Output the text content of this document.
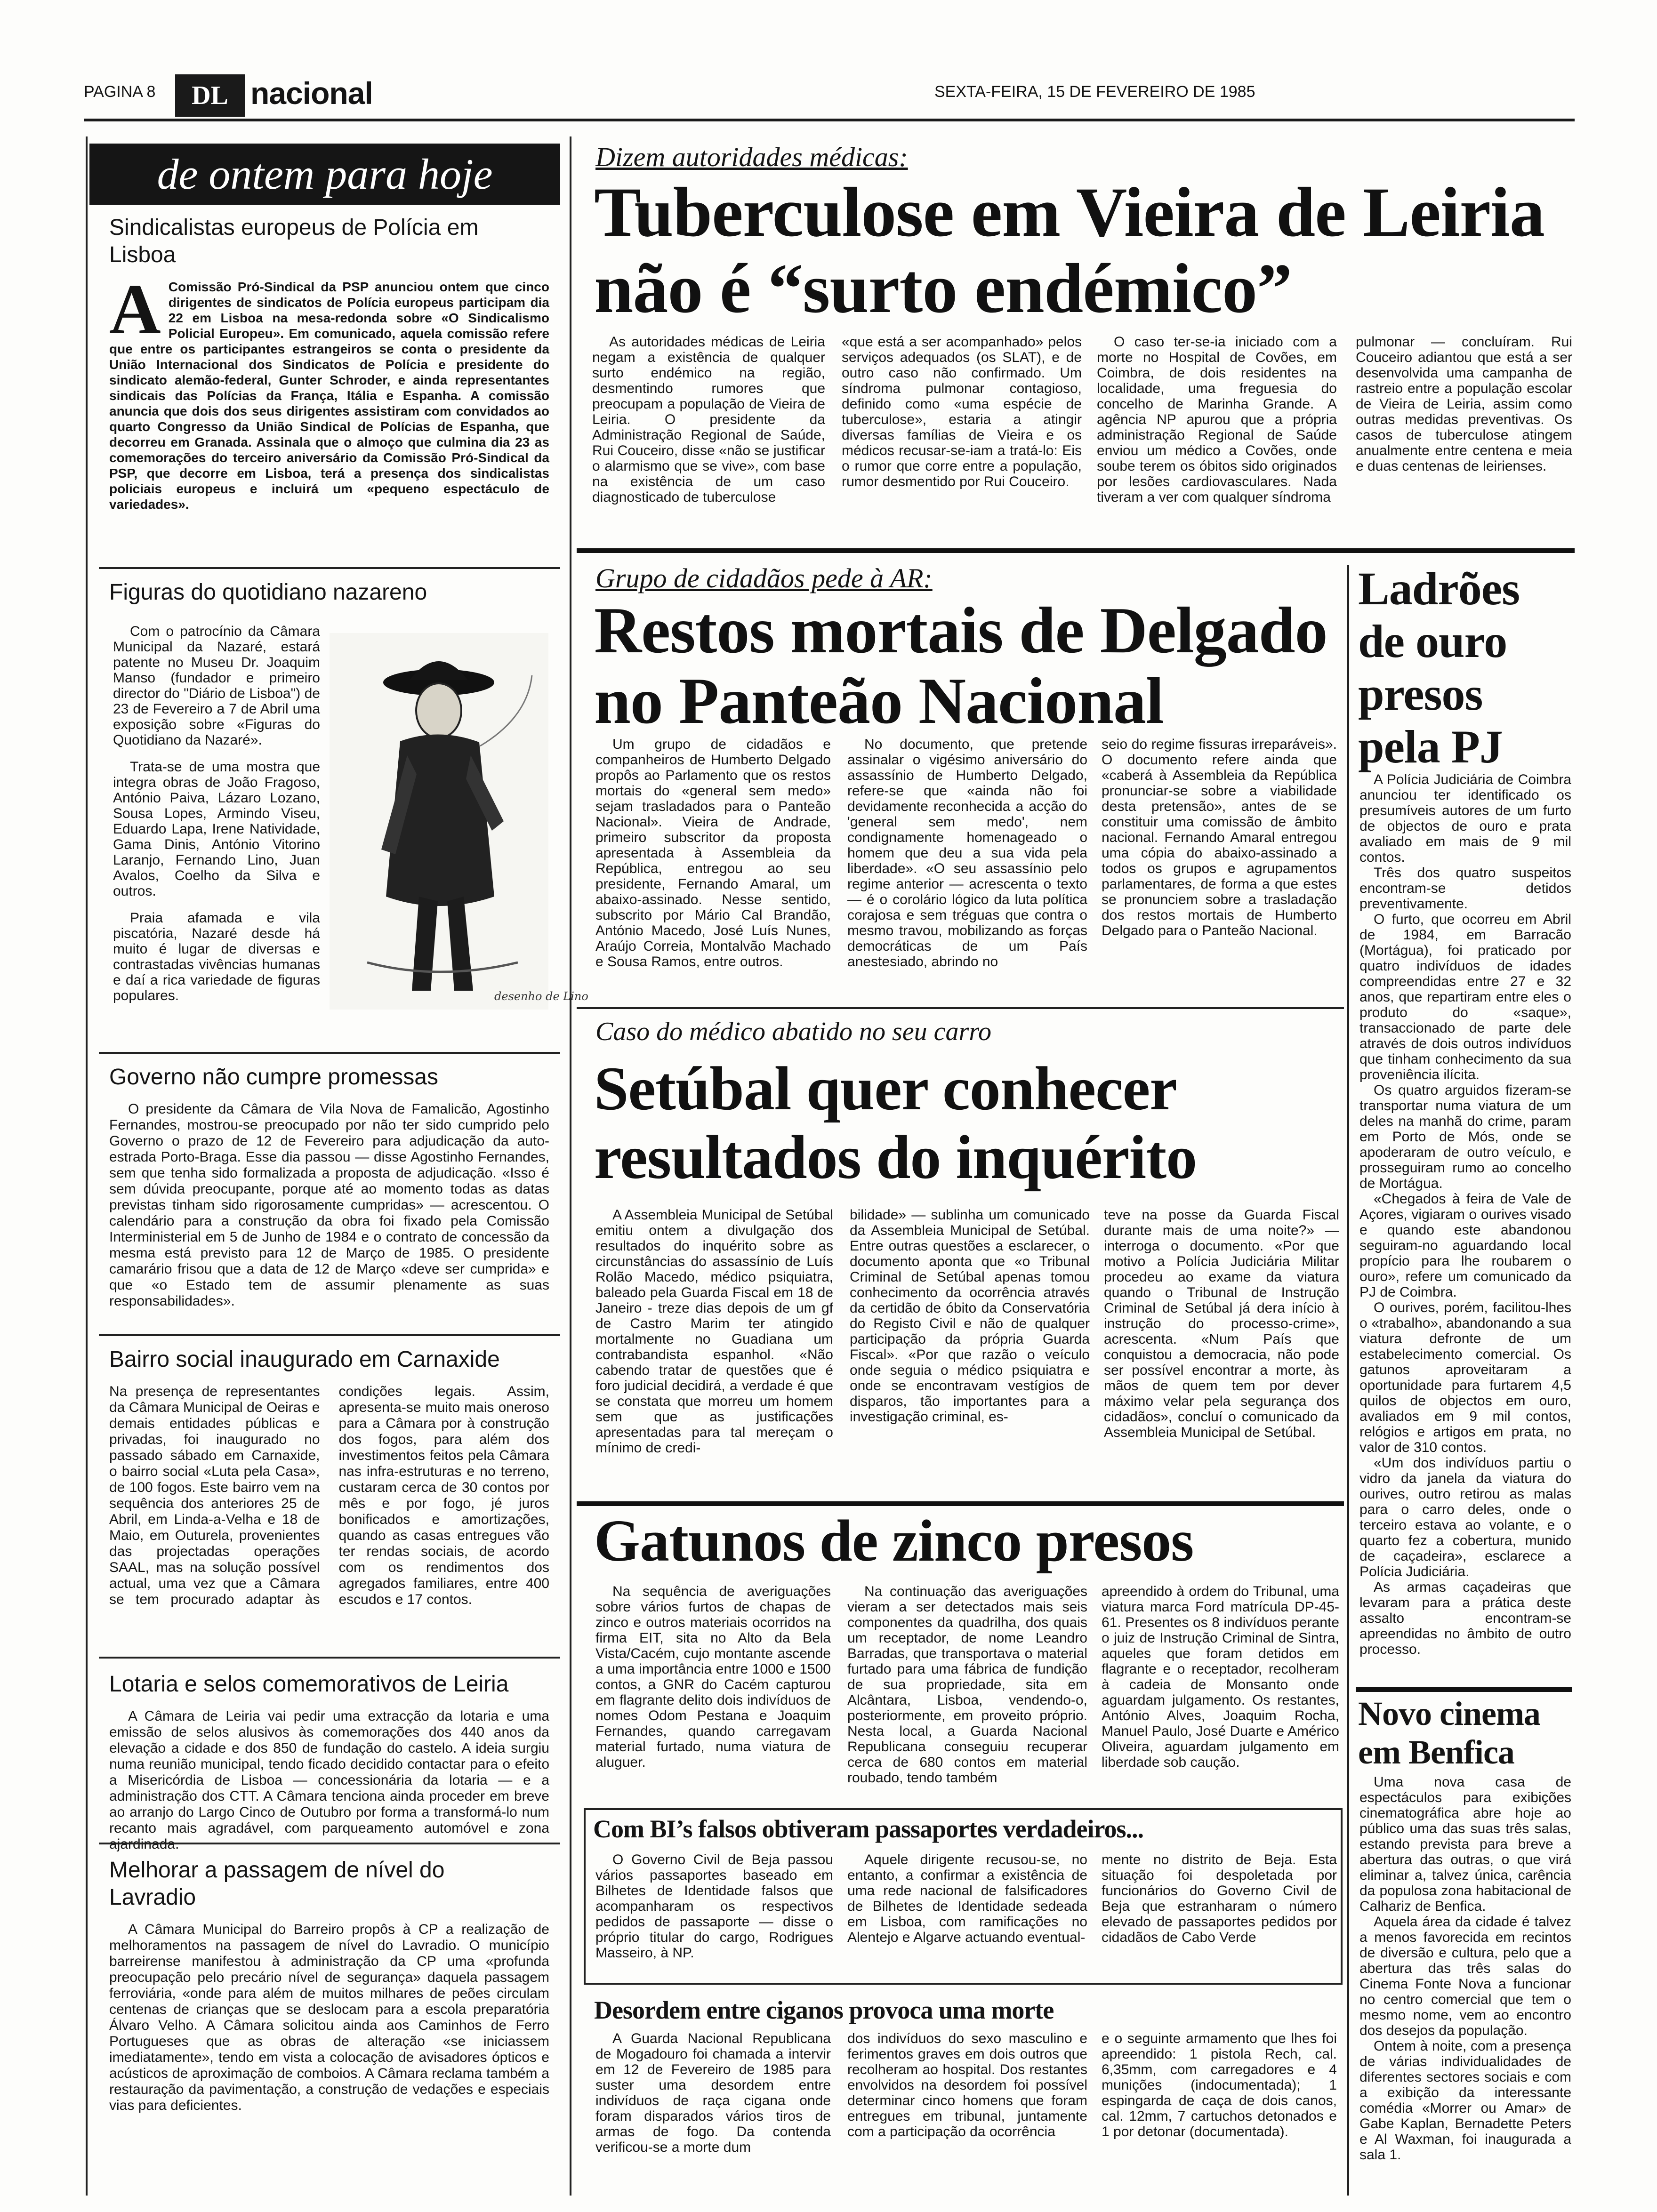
PAGINA 8	DL nacional	SEXTA-FEIRA, 15 DE FEVEREIRO DE 1985
de ontem para hoje
Sindicalistas europeus de Polícia em Lisboa

A Comissão Pró-Sindical da PSP anunciou ontem que cinco dirigentes de sindicatos de Polícia europeus participam dia 22 em Lisboa na mesa-redonda sobre «O Sindicalismo Policial Europeu». Em comunicado, aquela comissão refere que entre os participantes estrangeiros se conta o presidente da União Internacional dos Sindicatos de Polícia e presidente do sindicato alemão-federal, Gunter Schroder, e ainda representantes sindicais das Polícias da França, Itália e Espanha. A comissão anuncia que dois dos seus dirigentes assistiram com convidados ao quarto Congresso da União Sindical de Polícias de Espanha, que decorreu em Granada. Assinala que o almoço que culmina dia 23 as comemorações do terceiro aniversário da Comissão Pró-Sindical da PSP, que decorre em Lisboa, terá a presença dos sindicalistas policiais europeus e incluirá um «pequeno espectáculo de variedades».

Figuras do quotidiano nazareno

Com o patrocínio da Câmara Municipal da Nazaré, estará patente no Museu Dr. Joaquim Manso (fundador e primeiro director do "Diário de Lisboa") de 23 de Fevereiro a 7 de Abril uma exposição sobre «Figuras do Quotidiano da Nazaré».

Trata-se de uma mostra que integra obras de João Fragoso, António Paiva, Lázaro Lozano, Sousa Lopes, Armindo Viseu, Eduardo Lapa, Irene Natividade, Gama Dinis, António Vitorino Laranjo, Fernando Lino, Juan Avalos, Coelho da Silva e outros.

Praia afamada e vila piscatória, Nazaré desde há muito é lugar de diversas e contrastadas vivências humanas e daí a rica variedade de figuras populares.	desenho de Lino
Governo não cumpre promessas

O presidente da Câmara de Vila Nova de Famalicão, Agostinho Fernandes, mostrou-se preocupado por não ter sido cumprido pelo Governo o prazo de 12 de Fevereiro para adjudicação da auto-estrada Porto-Braga. Esse dia passou — disse Agostinho Fernandes, sem que tenha sido formalizada a proposta de adjudicação. «Isso é sem dúvida preocupante, porque até ao momento todas as datas previstas tinham sido rigorosamente cumpridas» — acrescentou. O calendário para a construção da obra foi fixado pela Comissão Interministerial em 5 de Junho de 1984 e o contrato de concessão da mesma está previsto para 12 de Março de 1985. O presidente camarário frisou que a data de 12 de Março «deve ser cumprida» e que «o Estado tem de assumir plenamente as suas responsabilidades».

Bairro social inaugurado em Carnaxide

Na presença de representantes da Câmara Municipal de Oeiras e demais entidades públicas e privadas, foi inaugurado no passado sábado em Carnaxide, o bairro social «Luta pela Casa», de 100 fogos. Este bairro vem na sequência dos anteriores 25 de Abril, em Linda-a-Velha e 18 de Maio, em Outurela, provenientes das projectadas operações SAAL, mas na solução possível actual, uma vez que a Câmara se tem procurado adaptar às condições legais. Assim, apresenta-se muito mais oneroso para a Câmara por à construção dos fogos, para além dos investimentos feitos pela Câmara nas infra-estruturas e no terreno, custaram cerca de 30 contos por mês e por fogo, jé juros bonificados e amortizações, quando as casas entregues vão ter rendas sociais, de acordo com os rendimentos dos agregados familiares, entre 400 escudos e 17 contos.

Lotaria e selos comemorativos de Leiria

A Câmara de Leiria vai pedir uma extracção da lotaria e uma emissão de selos alusivos às comemorações dos 440 anos da elevação a cidade e dos 850 de fundação do castelo. A ideia surgiu numa reunião municipal, tendo ficado decidido contactar para o efeito a Misericórdia de Lisboa — concessionária da lotaria — e a administração dos CTT. A Câmara tenciona ainda proceder em breve ao arranjo do Largo Cinco de Outubro por forma a transformá-lo num recanto mais agradável, com parqueamento automóvel e zona

Melhorar a passagem de nível do Lavradio

A Câmara Municipal do Barreiro propôs à CP a realização de melhoramentos na passagem de nível do Lavradio. O município barreirense manifestou à administração da CP uma «profunda preocupação pelo precário nível de segurança» daquela passagem ferroviária, «onde para além de muitos milhares de peões circulam centenas de crianças que se deslocam para a escola preparatória Álvaro Velho. A Câmara solicitou ainda aos Caminhos de Ferro Portugueses que as obras de alteração «se iniciassem imediatamente», tendo em vista a colocação de avisadores ópticos e acústicos de aproximação de comboios. A Câmara reclama também a restauração da pavimentação, a construção de vedações e especiais vias para deficientes.

Dizem autoridades médicas:
Tuberculose em Vieira de Leiria
não é “surto endémico”
As autoridades médicas de Leiria negam a existência de qualquer surto endémico na região, desmentindo rumores que preocupam a população de Vieira de Leiria. O presidente da Administração Regional de Saúde, Rui Couceiro, disse «não se justificar o alarmismo que se vive», com base na existência de um caso diagnosticado de tuberculose
«que está a ser acompanhado» pelos serviços adequados (os SLAT), e de outro caso não confirmado. Um síndroma pulmonar contagioso, definido como «uma espécie de tuberculose», estaria a atingir diversas famílias de Vieira e os médicos recusar-se-iam a tratá-lo: Eis o rumor que corre entre a população, rumor desmentido por Rui Couceiro.
O caso ter-se-ia iniciado com a morte no Hospital de Covões, em Coimbra, de dois residentes na localidade, uma freguesia do concelho de Marinha Grande. A agência NP apurou que a própria administração Regional de Saúde enviou um médico a Covões, onde soube terem os óbitos sido originados por lesões cardiovasculares. Nada tiveram a ver com qualquer síndroma
pulmonar — concluíram. Rui Couceiro adiantou que está a ser desenvolvida uma campanha de rastreio entre a população escolar de Vieira de Leiria, assim como outras medidas preventivas. Os casos de tuberculose atingem anualmente entre centena e meia e duas centenas de leirienses.
Grupo de cidadãos pede à AR:
Restos mortais de Delgado
no Panteão Nacional
Um grupo de cidadãos e companheiros de Humberto Delgado propôs ao Parlamento que os restos mortais do «general sem medo» sejam trasladados para o Panteão Nacional». Vieira de Andrade, primeiro subscritor da proposta apresentada à Assembleia da República, entregou ao seu presidente, Fernando Amaral, um abaixo-assinado. Nesse sentido, subscrito por Mário Cal Brandão, António Macedo, José Luís Nunes, Araújo Correia, Montalvão Machado e Sousa Ramos, entre outros.
No documento, que pretende assinalar o vigésimo aniversário do assassínio de Humberto Delgado, refere-se que «ainda não foi devidamente reconhecida a acção do 'general sem medo', nem condignamente homenageado o homem que deu a sua vida pela liberdade». «O seu assassínio pelo regime anterior — acrescenta o texto — é o corolário lógico da luta política corajosa e sem tréguas que contra o mesmo travou, mobilizando as forças democráticas de um País anestesiado, abrindo no
seio do regime fissuras irreparáveis». O documento refere ainda que «caberá à Assembleia da República pronunciar-se sobre a viabilidade desta pretensão», antes de se constituir uma comissão de âmbito nacional. Fernando Amaral entregou uma cópia do abaixo-assinado a todos os grupos e agrupamentos parlamentares, de forma a que estes se pronunciem sobre a trasladação dos restos mortais de Humberto Delgado para o Panteão Nacional.
Ladrões de ouro presos pela PJ

A Polícia Judiciária de Coimbra anunciou ter identificado os presumíveis autores de um furto de objectos de ouro e prata avaliado em mais de 9 mil contos.

Três dos quatro suspeitos encontram-se detidos preventivamente.

O furto, que ocorreu em Abril de 1984, em Barracão (Mortágua), foi praticado por quatro indivíduos de idades compreendidas entre 27 e 32 anos, que repartiram entre eles o produto do «saque», transaccionado de parte dele através de dois outros indivíduos que tinham conhecimento da sua proveniência ilícita.

Os quatro arguidos fizeram-se transportar numa viatura de um deles na manhã do crime, param em Porto de Mós, onde se apoderaram de outro veículo, e prosseguiram rumo ao concelho de Mortágua.

«Chegados à feira de Vale de Açores, vigiaram o ourives visado e quando este abandonou seguiram-no aguardando local propício para lhe roubarem o ouro», refere um comunicado da PJ de Coimbra.

O ourives, porém, facilitou-lhes o «trabalho», abandonando a sua viatura defronte de um estabelecimento comercial. Os gatunos aproveitaram a oportunidade para furtarem 4,5 quilos de objectos em ouro, avaliados em 9 mil contos, relógios e artigos em prata, no valor de 310 contos.

«Um dos indivíduos partiu o vidro da janela da viatura do ourives, outro retirou as malas para o carro deles, onde o terceiro estava ao volante, e o quarto fez a cobertura, munido de caçadeira», esclarece a Polícia Judiciária.

As armas caçadeiras que levaram para a prática deste assalto encontram-se apreendidas no âmbito de outro processo.

Caso do médico abatido no seu carro
Setúbal quer conhecer
resultados do inquérito
A Assembleia Municipal de Setúbal emitiu ontem a divulgação dos resultados do inquérito sobre as circunstâncias do assassínio de Luís Rolão Macedo, médico psiquiatra, baleado pela Guarda Fiscal em 18 de Janeiro - treze dias depois de um gf de Castro Marim ter atingido mortalmente no Guadiana um contrabandista espanhol. «Não cabendo tratar de questões que é foro judicial decidirá, a verdade é que se constata que morreu um homem sem que as justificações apresentadas para tal mereçam o mínimo de credi-
bilidade» — sublinha um comunicado da Assembleia Municipal de Setúbal. Entre outras questões a esclarecer, o documento aponta que «o Tribunal Criminal de Setúbal apenas tomou conhecimento da ocorrência através da certidão de óbito da Conservatória do Registo Civil e não de qualquer participação da própria Guarda Fiscal». «Por que razão o veículo onde seguia o médico psiquiatra e onde se encontravam vestígios de disparos, tão importantes para a investigação criminal, es-
teve na posse da Guarda Fiscal durante mais de uma noite?» — interroga o documento. «Por que motivo a Polícia Judiciária Militar procedeu ao exame da viatura quando o Tribunal de Instrução Criminal de Setúbal já dera início à instrução do processo-crime», acrescenta. «Num País que conquistou a democracia, não pode ser possível encontrar a morte, às mãos de quem tem por dever máximo velar pela segurança dos cidadãos», concluí o comunicado da Assembleia Municipal de Setúbal.
Gatunos de zinco presos
Na sequência de averiguações sobre vários furtos de chapas de zinco e outros materiais ocorridos na firma EIT, sita no Alto da Bela Vista/Cacém, cujo montante ascende a uma importância entre 1000 e 1500 contos, a GNR do Cacém capturou em flagrante delito dois indivíduos de nomes Odom Pestana e Joaquim Fernandes, quando carregavam material furtado, numa viatura de aluguer.
Na continuação das averiguações vieram a ser detectados mais seis componentes da quadrilha, dos quais um receptador, de nome Leandro Barradas, que transportava o material furtado para uma fábrica de fundição de sua propriedade, sita em Alcântara, Lisboa, vendendo-o, posteriormente, em proveito próprio. Nesta local, a Guarda Nacional Republicana conseguiu recuperar cerca de 680 contos em material roubado, tendo também
apreendido à ordem do Tribunal, uma viatura marca Ford matrícula DP-45-61. Presentes os 8 indivíduos perante o juiz de Instrução Criminal de Sintra, aqueles que foram detidos em flagrante e o receptador, recolheram à cadeia de Monsanto onde aguardam julgamento. Os restantes, António Alves, Joaquim Rocha, Manuel Paulo, José Duarte e Américo Oliveira, aguardam julgamento em liberdade sob caução.
Com BI’s falsos obtiveram passaportes verdadeiros...
O Governo Civil de Beja passou vários passaportes baseado em Bilhetes de Identidade falsos que acompanharam os respectivos pedidos de passaporte — disse o próprio titular do cargo, Rodrigues Masseiro, à NP.
Aquele dirigente recusou-se, no entanto, a confirmar a existência de uma rede nacional de falsificadores de Bilhetes de Identidade sedeada em Lisboa, com ramificações no Alentejo e Algarve actuando eventual-
mente no distrito de Beja. Esta situação foi despoletada por funcionários do Governo Civil de Beja que estranharam o número elevado de passaportes pedidos por cidadãos de Cabo Verde
Desordem entre ciganos provoca uma morte
A Guarda Nacional Republicana de Mogadouro foi chamada a intervir em 12 de Fevereiro de 1985 para suster uma desordem entre indivíduos de raça cigana onde foram disparados vários tiros de armas de fogo. Da contenda verificou-se a morte dum
dos indivíduos do sexo masculino e ferimentos graves em dois outros que recolheram ao hospital. Dos restantes envolvidos na desordem foi possível determinar cinco homens que foram entregues em tribunal, juntamente com a participação da ocorrência
e o seguinte armamento que lhes foi apreendido: 1 pistola Rech, cal. 6,35mm, com carregadores e 4 munições (indocumentada); 1 espingarda de caça de dois canos, cal. 12mm, 7 cartuchos detonados e 1 por detonar (documentada).
Novo cinema em Benfica

Uma nova casa de espectáculos para exibições cinematográfica abre hoje ao público uma das suas três salas, estando prevista para breve a abertura das outras, o que virá eliminar a, talvez única, carência da populosa zona habitacional de Calhariz de Benfica.

Aquela área da cidade é talvez a menos favorecida em recintos de diversão e cultura, pelo que a abertura das três salas do Cinema Fonte Nova a funcionar no centro comercial que tem o mesmo nome, vem ao encontro dos desejos da população.

Ontem à noite, com a presença de várias individualidades de diferentes sectores sociais e com a exibição da interessante comédia «Morrer ou Amar» de Gabe Kaplan, Bernadette Peters e Al Waxman, foi inaugurada a sala 1.
